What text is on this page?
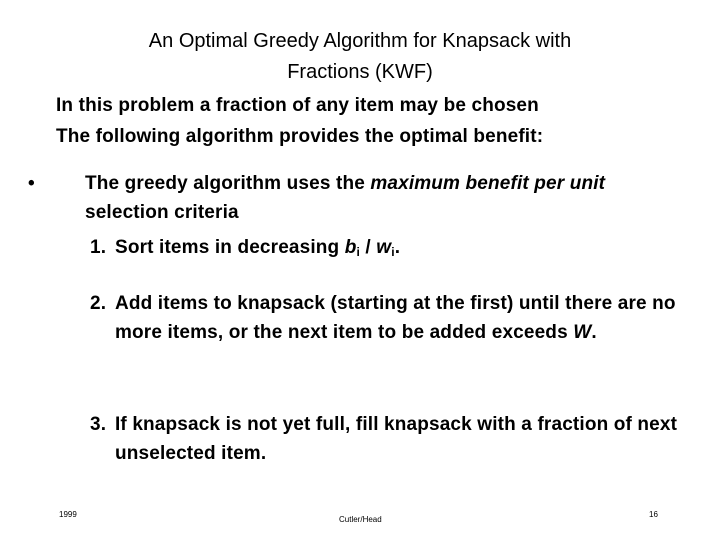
An Optimal Greedy Algorithm for Knapsack with
Fractions (KWF)
In this problem a fraction of any item may be chosen
The following algorithm provides the optimal benefit:
•	The greedy algorithm uses the maximum benefit per unit selection criteria
1. Sort items in decreasing $b_i / w_i$.
2. Add items to knapsack (starting at the first) until there are no more items, or the next item to be added exceeds W.
3. If knapsack is not yet full, fill knapsack with a fraction of next unselected item.
1999
Cutler/Head
16
